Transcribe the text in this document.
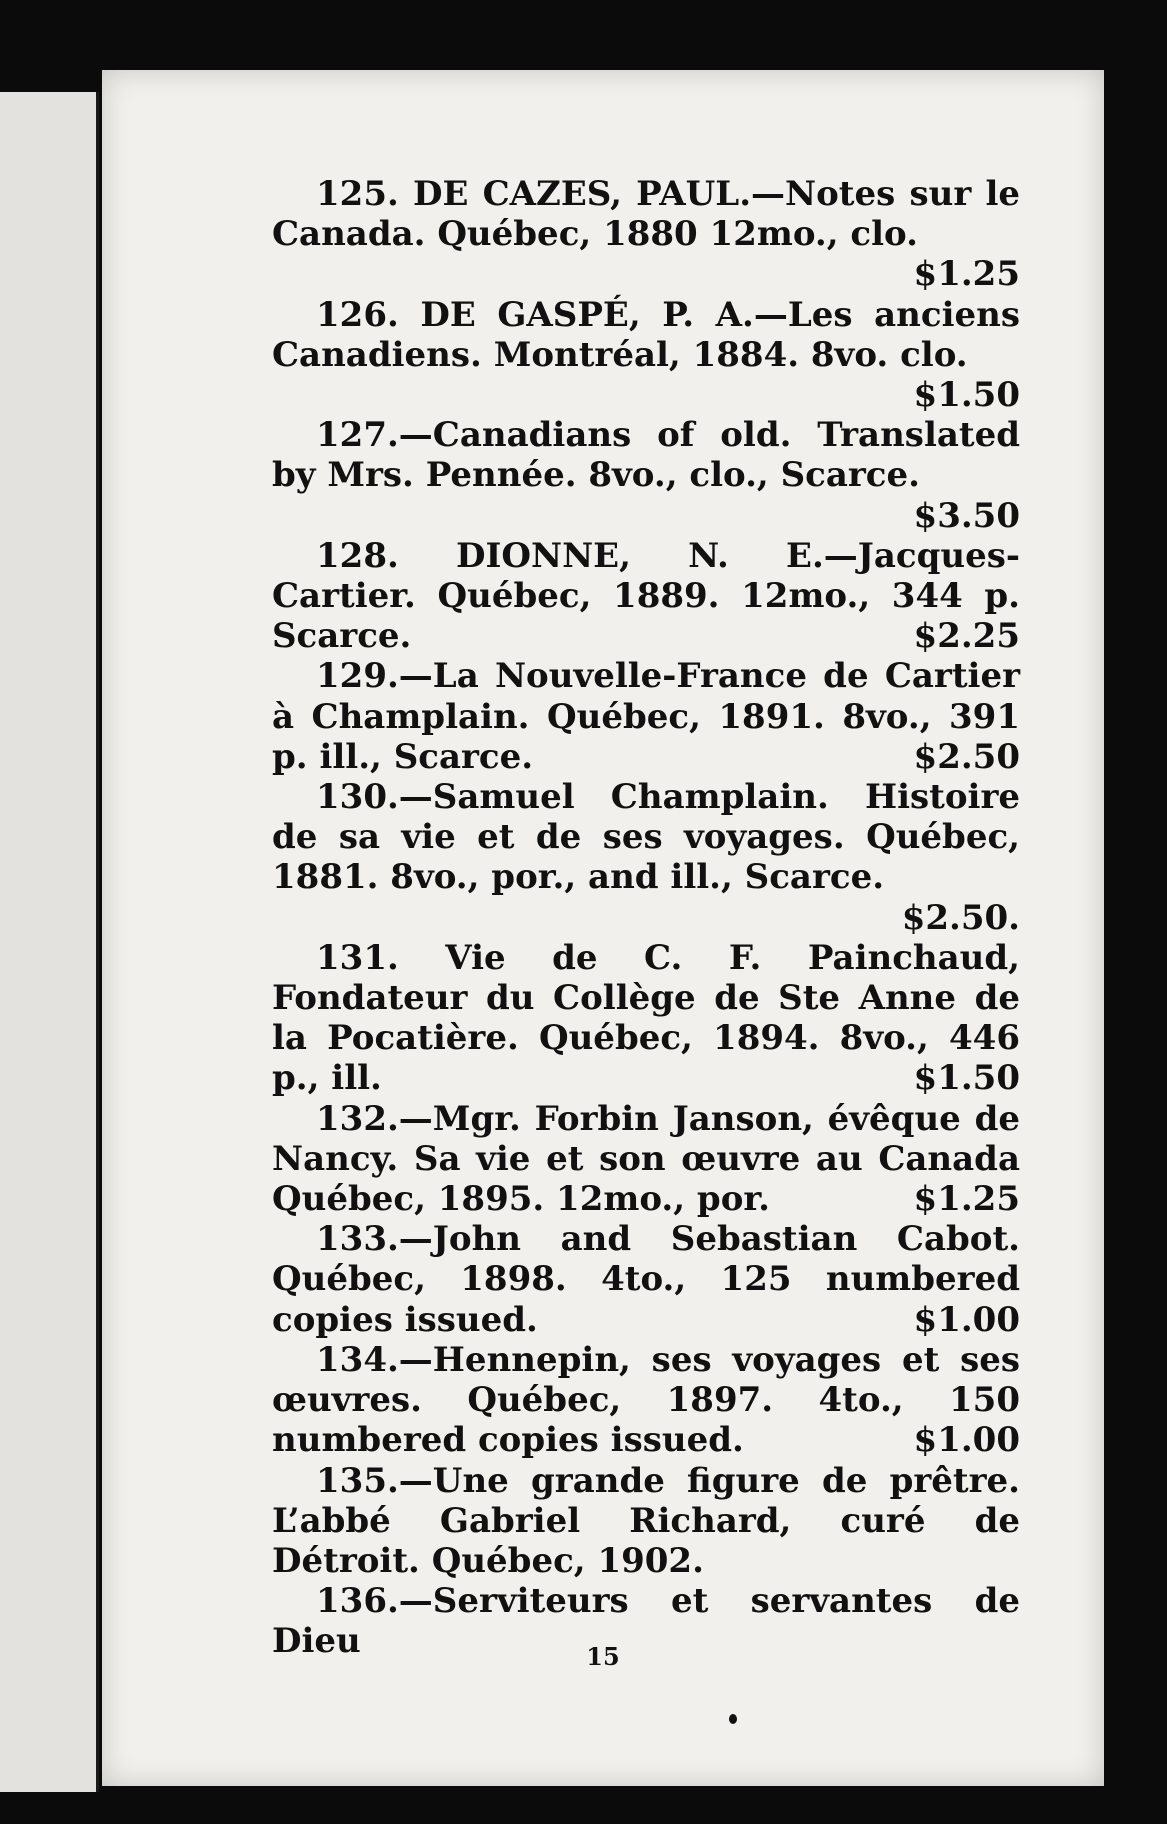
125. DE CAZES, PAUL.—Notes sur le Canada. Québec, 1880 12mo., clo.
$1.25

126. DE GASPÉ, P. A.—Les anciens Canadiens. Montréal, 1884. 8vo. clo.
$1.50

127.—Canadians of old. Translated by Mrs. Pennée. 8vo., clo., Scarce.
$3.50

128. DIONNE, N. E.—Jacques-Cartier. Québec, 1889. 12mo., 344 p. Scarce.	$2.25

129.—La Nouvelle-France de Cartier à Champlain. Québec, 1891. 8vo., 391 p. ill., Scarce.	$2.50

130.—Samuel Champlain. Histoire de sa vie et de ses voyages. Québec, 1881. 8vo., por., and ill., Scarce.
$2.50.

131. Vie de C. F. Painchaud, Fondateur du Collège de Ste Anne de la Pocatière. Québec, 1894. 8vo., 446 p., ill.	$1.50

132.—Mgr. Forbin Janson, évêque de Nancy. Sa vie et son œuvre au Canada Québec, 1895. 12mo., por.	$1.25

133.—John and Sebastian Cabot. Québec, 1898. 4to., 125 numbered copies issued.	$1.00

134.—Hennepin, ses voyages et ses œuvres. Québec, 1897. 4to., 150 numbered copies issued.	$1.00

135.—Une grande figure de prêtre. L’abbé Gabriel Richard, curé de Détroit. Québec, 1902.

136.—Serviteurs et servantes de Dieu	15
